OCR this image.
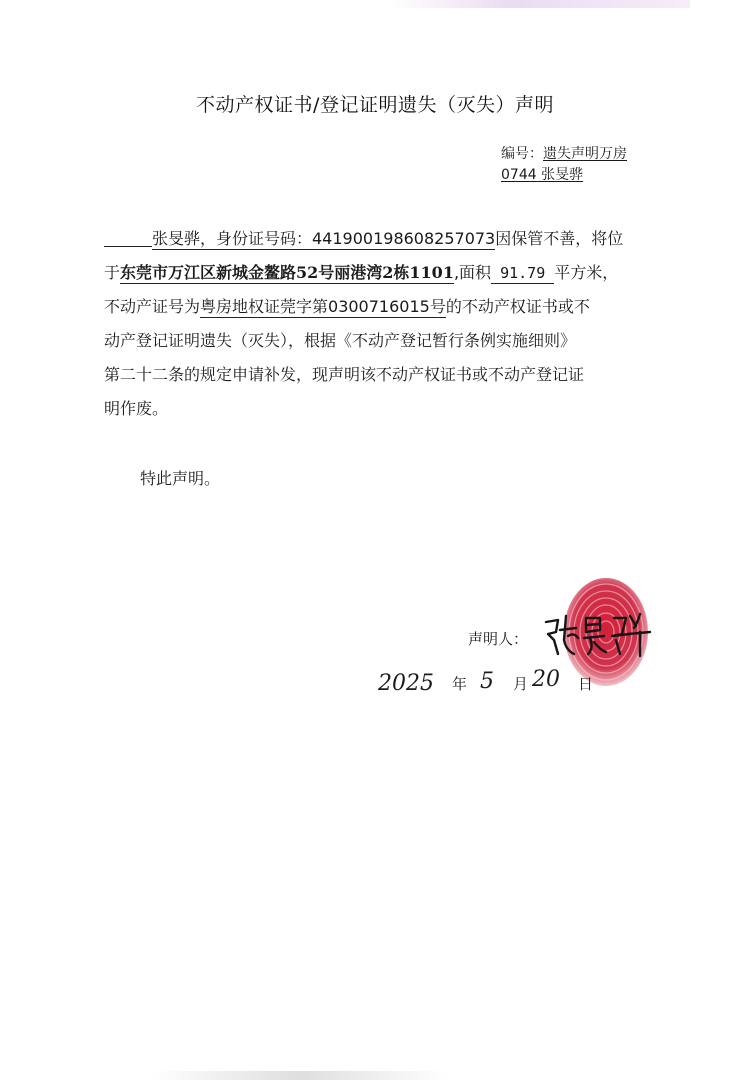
不动产权证书/登记证明遗失（灭失）声明
编号：遗失声明万房
0744 张旻骅
张旻骅，身份证号码：441900198608257073因保管不善，将位
于东莞市万江区新城金鳌路52号丽港湾2栋1101,面积 91.79 平方米，
不动产证号为粤房地权证莞字第0300716015号的不动产权证书或不
动产登记证明遗失（灭失），根据《不动产登记暂行条例实施细则》
第二十二条的规定申请补发，现声明该不动产权证书或不动产登记证
明作废。
特此声明。
声明人：
2025 年 5 月 20 日
